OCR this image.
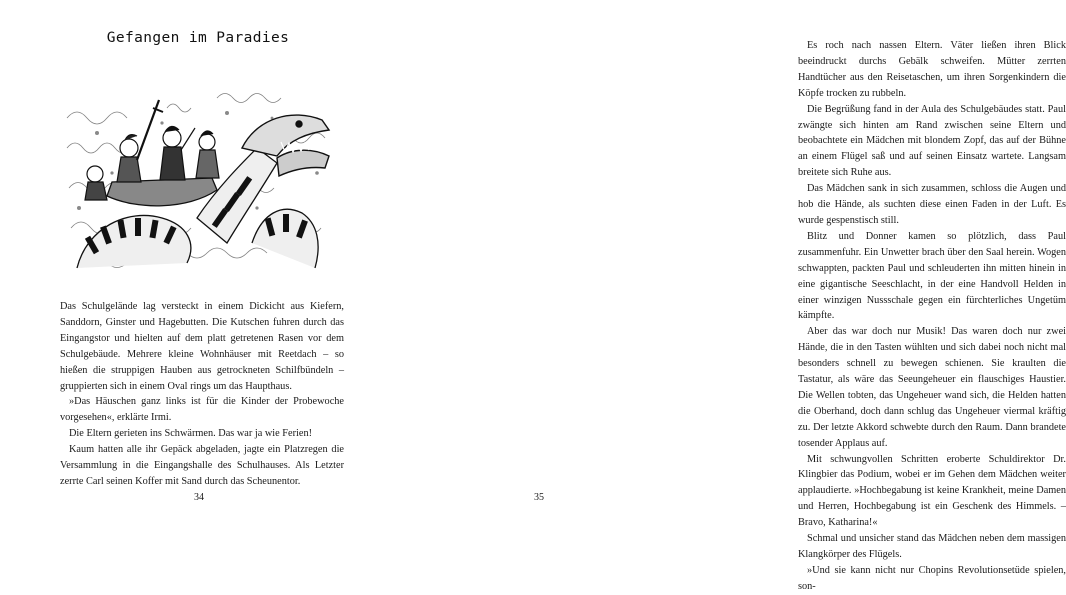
Gefangen im Paradies

Das Schulgelände lag versteckt in einem Dickicht aus Kiefern, Sanddorn, Ginster und Hagebutten. Die Kutschen fuhren durch das Eingangstor und hielten auf dem platt getretenen Rasen vor dem Schulgebäude. Mehrere kleine Wohnhäuser mit Reetdach – so hießen die struppigen Hauben aus getrockneten Schilfbündeln – gruppierten sich in einem Oval rings um das Haupthaus.

»Das Häuschen ganz links ist für die Kinder der Probewoche vorgesehen«, erklärte Irmi.

Die Eltern gerieten ins Schwärmen. Das war ja wie Ferien!

Kaum hatten alle ihr Gepäck abgeladen, jagte ein Platzregen die Versammlung in die Eingangshalle des Schulhauses. Als Letzter zerrte Carl seinen Koffer mit Sand durch das Scheunentor.

34

Es roch nach nassen Eltern. Väter ließen ihren Blick beeindruckt durchs Gebälk schweifen. Mütter zerrten Handtücher aus den Reisetaschen, um ihren Sorgenkindern die Köpfe trocken zu rubbeln.

Die Begrüßung fand in der Aula des Schulgebäudes statt. Paul zwängte sich hinten am Rand zwischen seine Eltern und beobachtete ein Mädchen mit blondem Zopf, das auf der Bühne an einem Flügel saß und auf seinen Einsatz wartete. Langsam breitete sich Ruhe aus.

Das Mädchen sank in sich zusammen, schloss die Augen und hob die Hände, als suchten diese einen Faden in der Luft. Es wurde gespenstisch still.

Blitz und Donner kamen so plötzlich, dass Paul zusammenfuhr. Ein Unwetter brach über den Saal herein. Wogen schwappten, packten Paul und schleuderten ihn mitten hinein in eine gigantische Seeschlacht, in der eine Handvoll Helden in einer winzigen Nussschale gegen ein fürchterliches Ungetüm kämpfte.

Aber das war doch nur Musik! Das waren doch nur zwei Hände, die in den Tasten wühlten und sich dabei noch nicht mal besonders schnell zu bewegen schienen. Sie kraulten die Tastatur, als wäre das Seeungeheuer ein flauschiges Haustier. Die Wellen tobten, das Ungeheuer wand sich, die Helden hatten die Oberhand, doch dann schlug das Ungeheuer viermal kräftig zu. Der letzte Akkord schwebte durch den Raum. Dann brandete tosender Applaus auf.

Mit schwungvollen Schritten eroberte Schuldirektor Dr. Klingbier das Podium, wobei er im Gehen dem Mädchen weiter applaudierte. »Hochbegabung ist keine Krankheit, meine Damen und Herren, Hochbegabung ist ein Geschenk des Himmels. – Bravo, Katharina!«

Schmal und unsicher stand das Mädchen neben dem massigen Klangkörper des Flügels.

»Und sie kann nicht nur Chopins Revolutionsetüde spielen, son-

35
